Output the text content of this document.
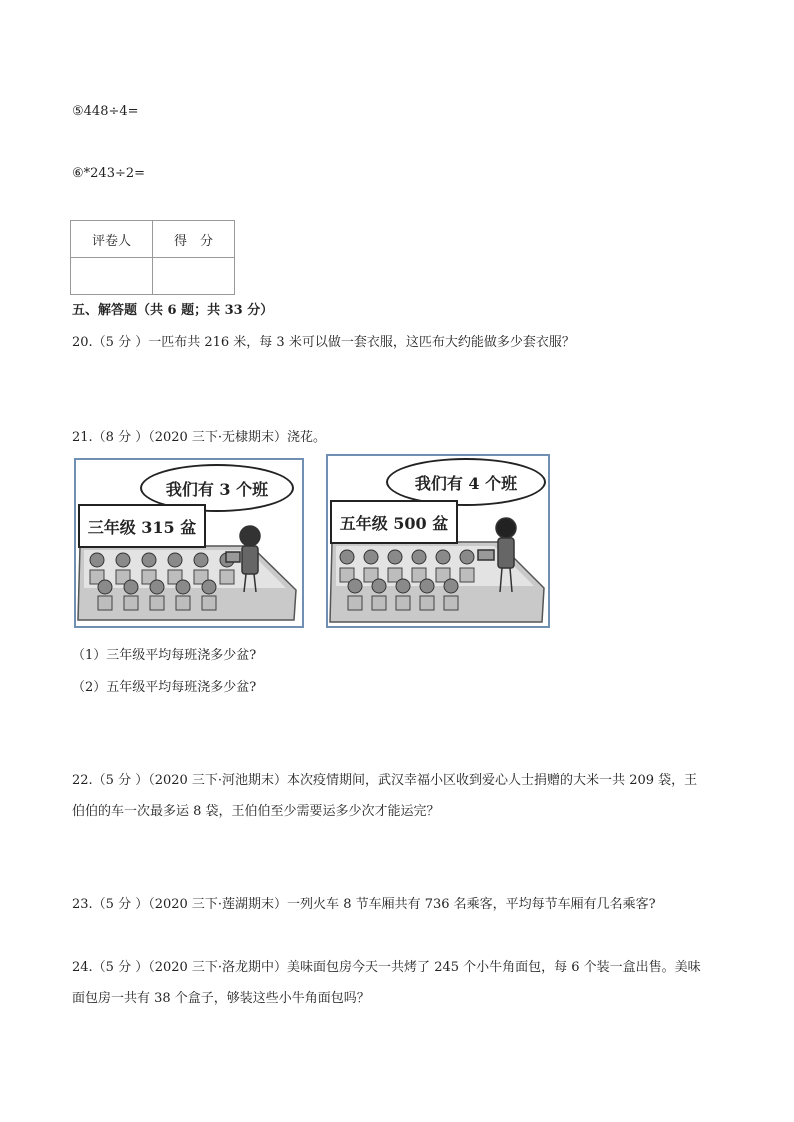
⑤448÷4=
⑥*243÷2=
评卷人	得　分

五、解答题（共 6 题；共 33 分）
20.（5 分 ）一匹布共 216 米，每 3 米可以做一套衣服，这匹布大约能做多少套衣服？
21.（8 分 ）（2020 三下·无棣期末）浇花。
我们有 3 个班
三年级 315 盆
我们有 4 个班
五年级 500 盆
（1）三年级平均每班浇多少盆?
（2）五年级平均每班浇多少盆?
22.（5 分 ）（2020 三下·河池期末）本次疫情期间，武汉幸福小区收到爱心人士捐赠的大米一共 209 袋，王
伯伯的车一次最多运 8 袋，王伯伯至少需要运多少次才能运完？
23.（5 分 ）（2020 三下·莲湖期末）一列火车 8 节车厢共有 736 名乘客，平均每节车厢有几名乘客?
24.（5 分 ）（2020 三下·洛龙期中）美味面包房今天一共烤了 245 个小牛角面包，每 6 个装一盒出售。美味
面包房一共有 38 个盒子，够装这些小牛角面包吗？
